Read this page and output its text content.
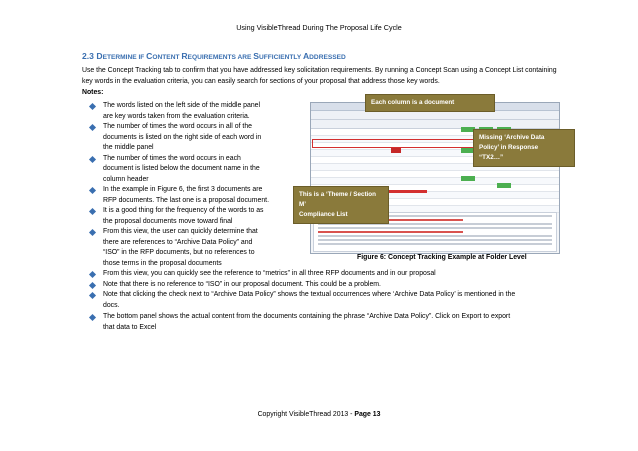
Using VisibleThread During The Proposal Life Cycle
2.3 DETERMINE IF CONTENT REQUIREMENTS ARE SUFFICIENTLY ADDRESSED
Use the Concept Tracking tab to confirm that you have addressed key solicitation requirements. By running a Concept Scan using a Concept List containing key words in the evaluation criteria, you can easily search for sections of your proposal that address those key words.
Notes:
The words listed on the left side of the middle panel
are key words taken from the evaluation criteria.
The number of times the word occurs in all of the
documents is listed on the right side of each word in
the middle panel
The number of times the word occurs in each
document is listed below the document name in the
column header
In the example in Figure 6, the first 3 documents are
RFP documents. The last one is a proposal document.
It is a good thing for the frequency of the words to as
the proposal documents move toward final
From this view, the user can quickly determine that
there are references to “Archive Data Policy” and
“ISO” in the RFP documents, but no references to
those terms in the proposal documents
From this view, you can quickly see the reference to “metrics” in all three RFP documents and in our proposal
Note that there is no reference to “ISO” in our proposal document. This could be a problem.
Note that clicking the check next to “Archive Data Policy” shows the textual occurrences where ‘Archive Data Policy’ is mentioned in the
docs.
The bottom panel shows the actual content from the documents containing the phrase “Archive Data Policy”. Click on Export to export
that data to Excel
Each column is a document
Missing ‘Archive Data
Policy’ in Response
“TX2…”
This is a ‘Theme / Section M’
Compliance List
Figure 6: Concept Tracking Example at Folder Level
Copyright VisibleThread 2013 - Page 13
